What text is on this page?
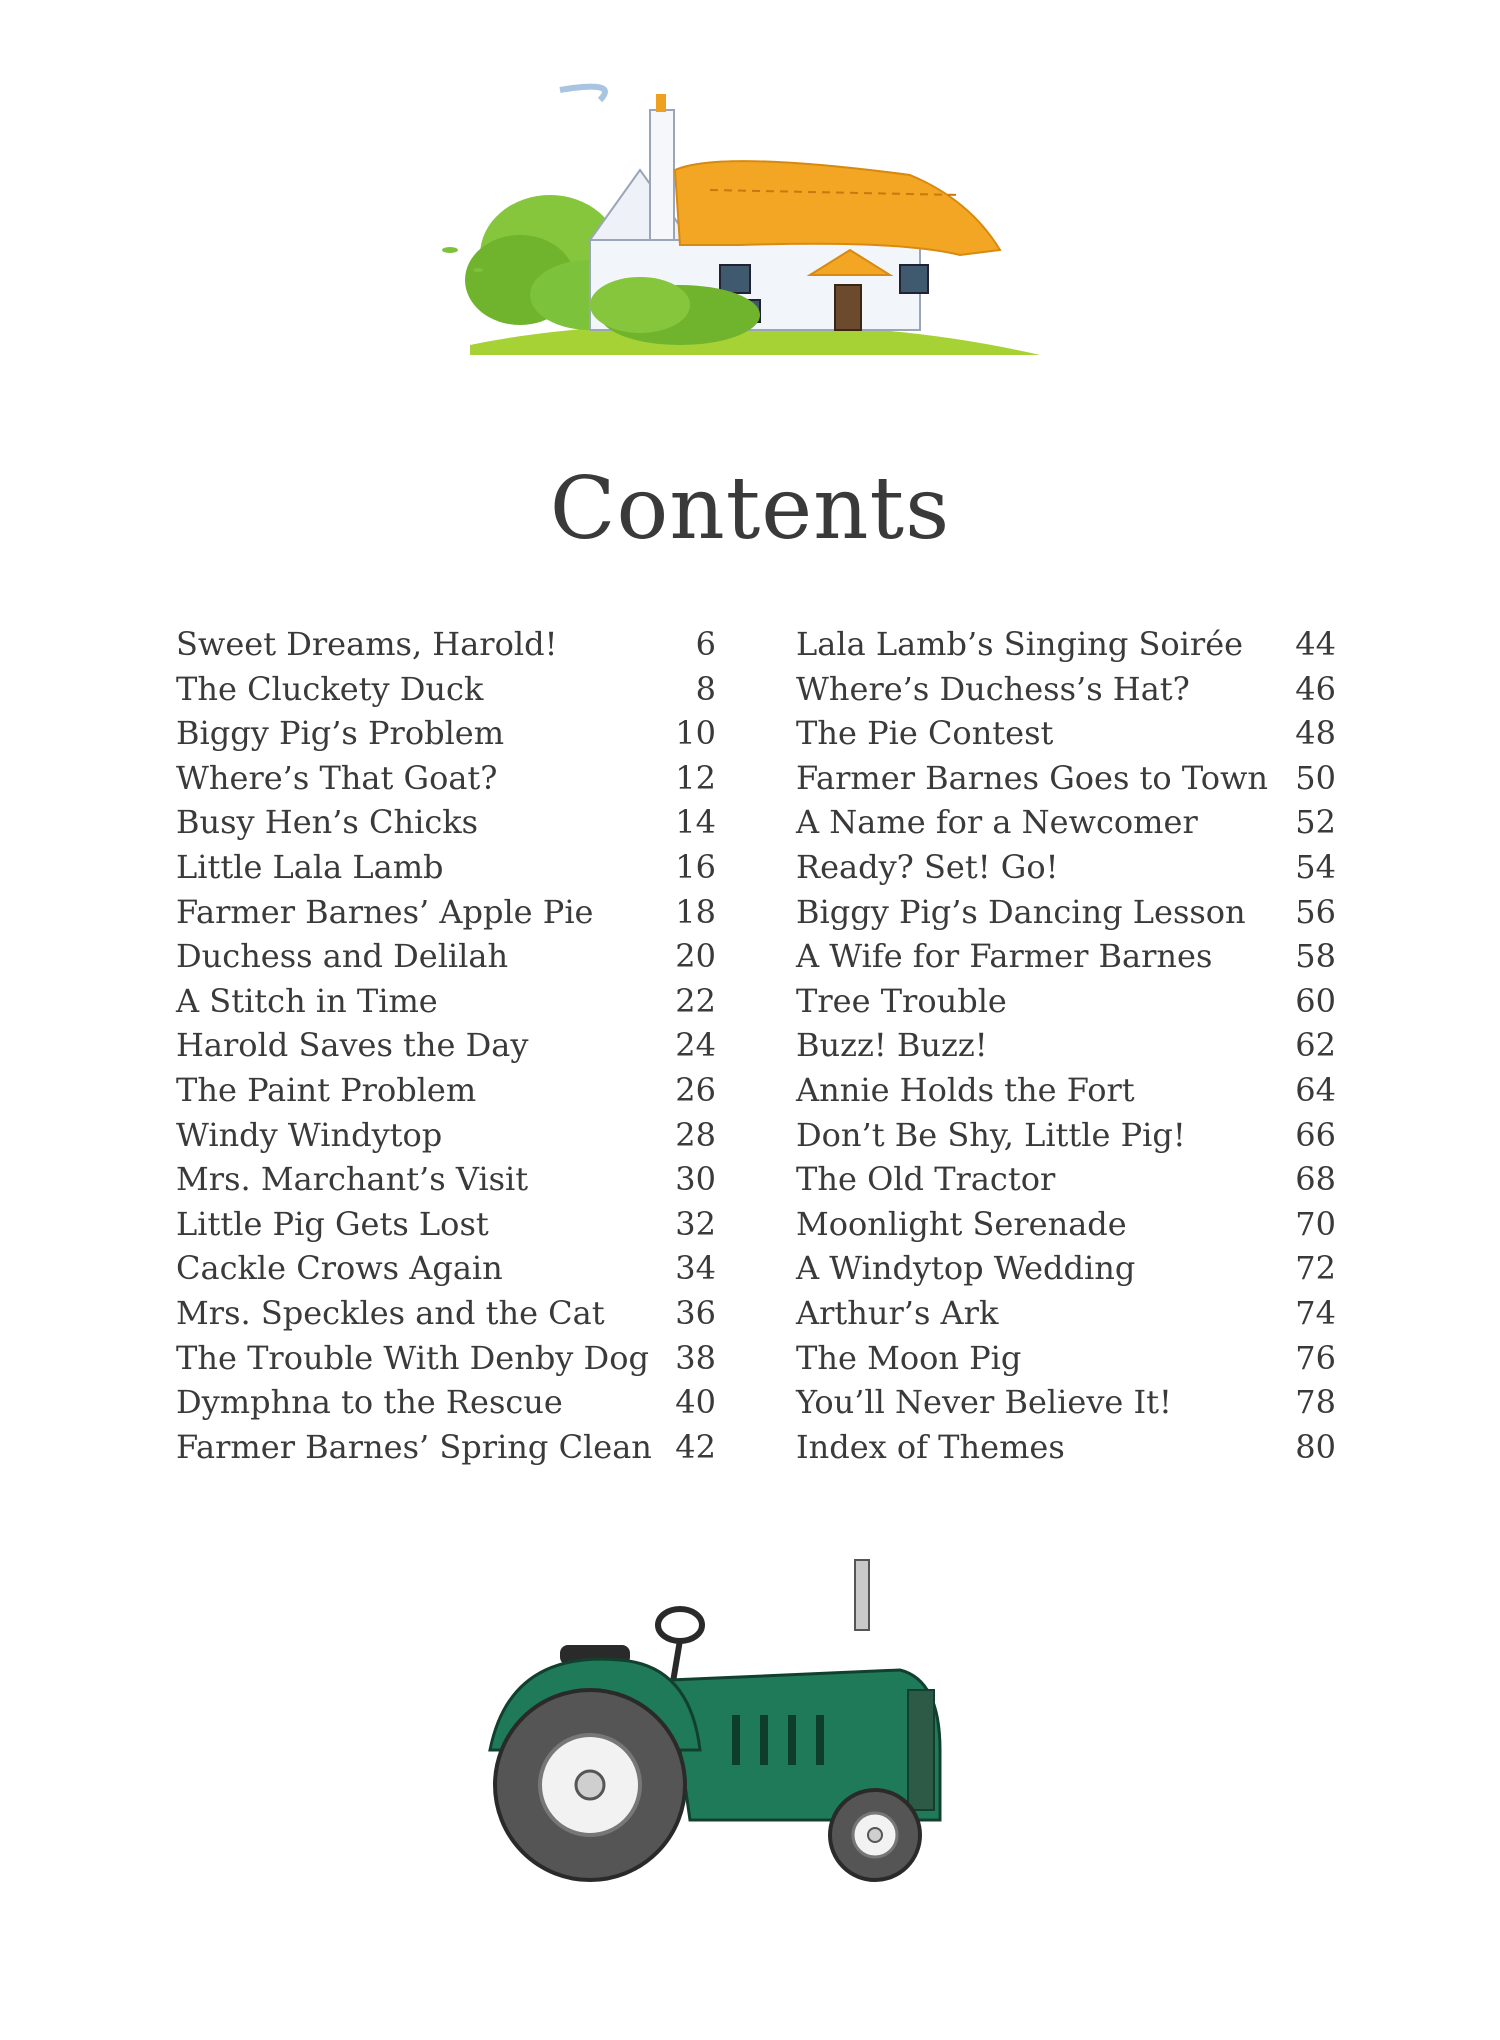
Contents
Sweet Dreams, Harold!	6
The Cluckety Duck	8
Biggy Pig’s Problem	10
Where’s That Goat?	12
Busy Hen’s Chicks	14
Little Lala Lamb	16
Farmer Barnes’ Apple Pie	18
Duchess and Delilah	20
A Stitch in Time	22
Harold Saves the Day	24
The Paint Problem	26
Windy Windytop	28
Mrs. Marchant’s Visit	30
Little Pig Gets Lost	32
Cackle Crows Again	34
Mrs. Speckles and the Cat 36
The Trouble With Denby Dog 38
Dymphna to the Rescue	40
Farmer Barnes’ Spring Clean 42
Lala Lamb’s Singing Soirée 44
Where’s Duchess’s Hat?	46
The Pie Contest	48
Farmer Barnes Goes to Town 50
A Name for a Newcomer	52
Ready? Set! Go!	54
Biggy Pig’s Dancing Lesson 56
A Wife for Farmer Barnes	58
Tree Trouble	60
Buzz! Buzz!	62
Annie Holds the Fort	64
Don’t Be Shy, Little Pig!	66
The Old Tractor	68
Moonlight Serenade	70
A Windytop Wedding	72
Arthur’s Ark	74
The Moon Pig	76
You’ll Never Believe It!	78
Index of Themes	80
